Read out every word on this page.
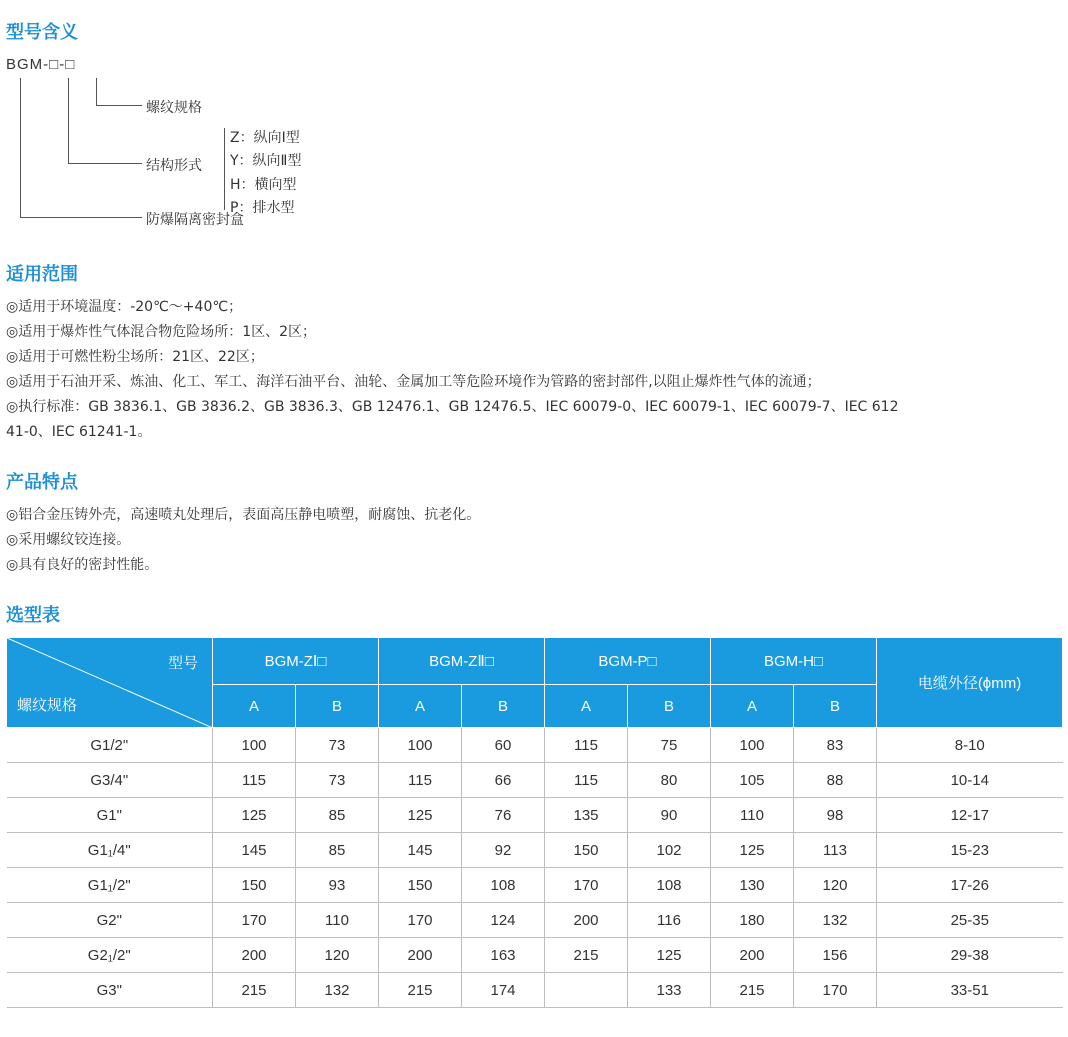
型号含义
BGM-□-□
螺纹规格
结构形式
Z：纵向Ⅰ型
Y：纵向Ⅱ型
H：横向型
P：排水型
防爆隔离密封盒
适用范围
◎适用于环境温度：-20℃～+40℃；
◎适用于爆炸性气体混合物危险场所：1区、2区；
◎适用于可燃性粉尘场所：21区、22区；
◎适用于石油开采、炼油、化工、军工、海洋石油平台、油轮、金属加工等危险环境作为管路的密封部件,以阻止爆炸性气体的流通；
◎执行标准：GB 3836.1、GB 3836.2、GB 3836.3、GB 12476.1、GB 12476.5、IEC 60079-0、IEC 60079-1、IEC 60079-7、IEC 612
41-0、IEC 61241-1。
产品特点
◎铝合金压铸外壳，高速喷丸处理后，表面高压静电喷塑，耐腐蚀、抗老化。
◎采用螺纹铰连接。
◎具有良好的密封性能。
选型表
型号
螺纹规格	BGM-ZⅠ□		BGM-ZⅡ□		BGM-P□		BGM-H□		电缆外径(ϕmm)
	A	B	A	B	A	B	A	B	
G1/2"	100	73	100	60	115	75	100	83	8-10
G3/4"	115	73	115	66	115	80	105	88	10-14
G1"	125	85	125	76	135	90	110	98	12-17
G1₁/4"	145	85	145	92	150	102	125	113	15-23
G1₁/2"	150	93	150	108	170	108	130	120	17-26
G2"	170	110	170	124	200	116	180	132	25-35
G2₁/2"	200	120	200	163	215	125	200	156	29-38
G3"	215	132	215	174		133	215	170	33-51
